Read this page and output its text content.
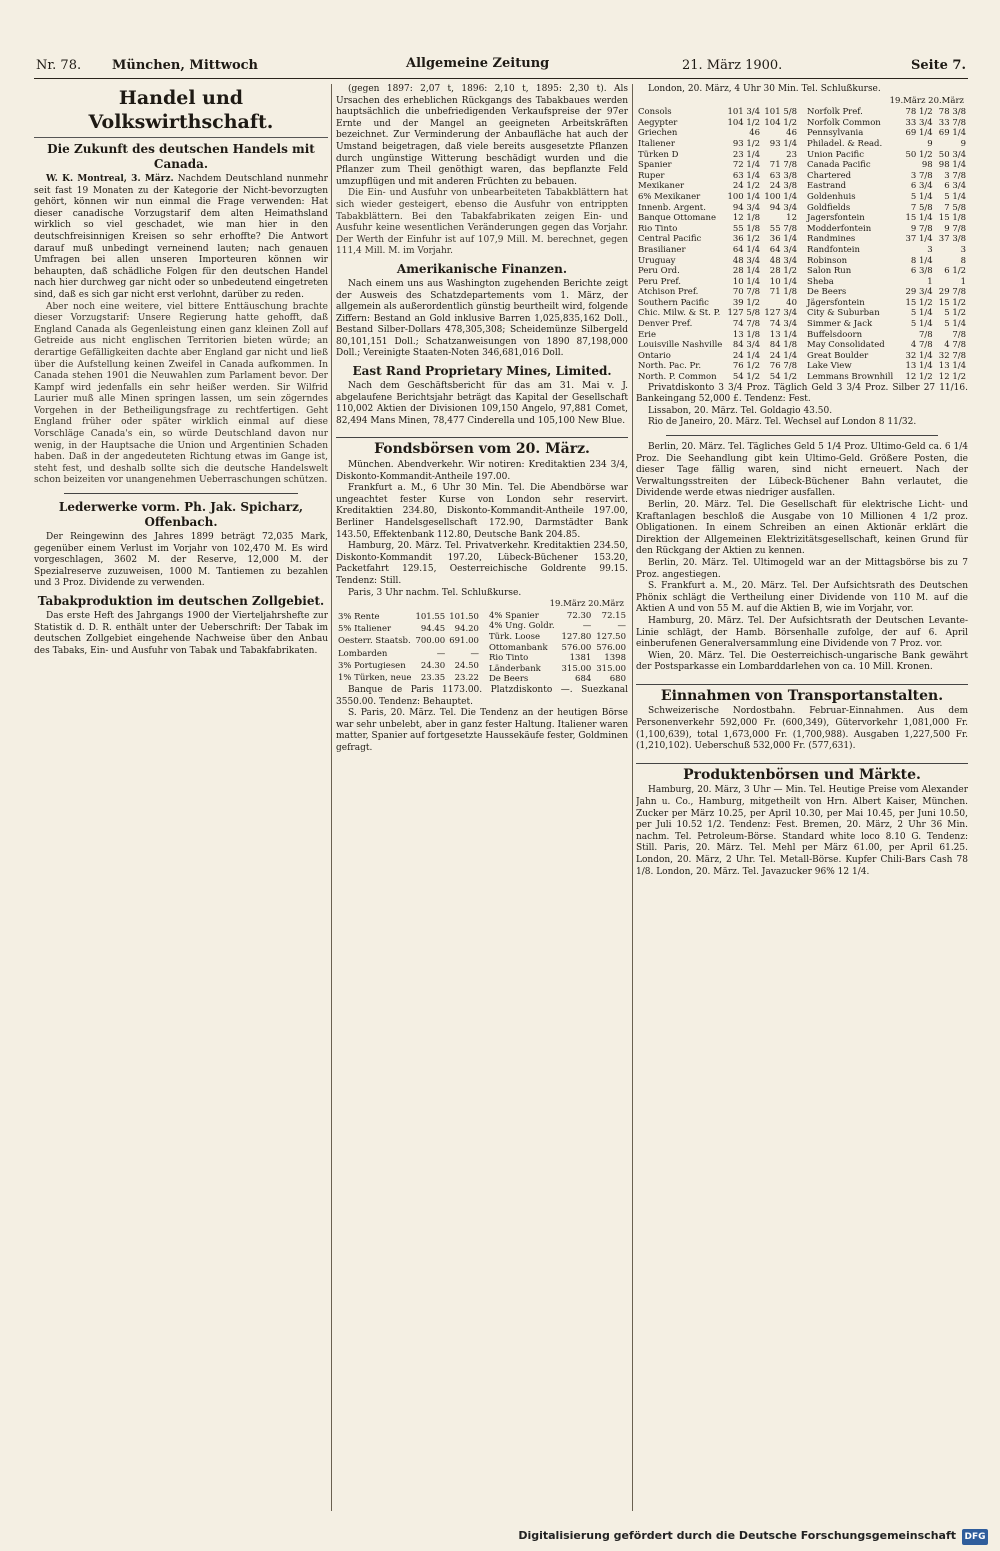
Nr. 78. München, Mittwoch	Allgemeine Zeitung	21. März 1900.	Seite 7.
Handel und Volkswirthschaft.
Die Zukunft des deutschen Handels mit Canada.

W. K. Montreal, 3. März. Nachdem Deutschland nunmehr seit fast 19 Monaten zu der Kategorie der Nicht-bevorzugten gehört, können wir nun einmal die Frage verwenden: Hat dieser canadische Vorzugstarif dem alten Heimathsland wirklich so viel geschadet, wie man hier in den deutschfreisinnigen Kreisen so sehr erhoffte? Die Antwort darauf muß unbedingt verneinend lauten; nach genauen Umfragen bei allen unseren Importeuren können wir behaupten, daß schädliche Folgen für den deutschen Handel nach hier durchweg gar nicht oder so unbedeutend eingetreten sind, daß es sich gar nicht erst verlohnt, darüber zu reden.

Aber noch eine weitere, viel bittere Enttäuschung brachte dieser Vorzugstarif: Unsere Regierung hatte gehofft, daß England Canada als Gegenleistung einen ganz kleinen Zoll auf Getreide aus nicht englischen Territorien bieten würde; an derartige Gefälligkeiten dachte aber England gar nicht und ließ über die Aufstellung keinen Zweifel in Canada aufkommen. In Canada stehen 1901 die Neuwahlen zum Parlament bevor. Der Kampf wird jedenfalls ein sehr heißer werden. Sir Wilfrid Laurier muß alle Minen springen lassen, um sein zögerndes Vorgehen in der Betheiligungsfrage zu rechtfertigen. Geht England früher oder später wirklich einmal auf diese Vorschläge Canada's ein, so würde Deutschland davon nur wenig, in der Hauptsache die Union und Argentinien Schaden haben. Daß in der angedeuteten Richtung etwas im Gange ist, steht fest, und deshalb sollte sich die deutsche Handelswelt schon beizeiten vor unangenehmen Ueberraschungen schützen.

Lederwerke vorm. Ph. Jak. Spicharz, Offenbach.

Der Reingewinn des Jahres 1899 beträgt 72,035 Mark, gegenüber einem Verlust im Vorjahr von 102,470 M. Es wird vorgeschlagen, 3602 M. der Reserve, 12,000 M. der Spezialreserve zuzuweisen, 1000 M. Tantiemen zu bezahlen und 3 Proz. Dividende zu verwenden.

Tabakproduktion im deutschen Zollgebiet.

Das erste Heft des Jahrgangs 1900 der Vierteljahrshefte zur Statistik d. D. R. enthält unter der Ueberschrift: Der Tabak im deutschen Zollgebiet eingehende Nachweise über den Anbau des Tabaks, Ein- und Ausfuhr von Tabak und Tabakfabrikaten.

(gegen 1897: 2,07 t, 1896: 2,10 t, 1895: 2,30 t). Als Ursachen des erheblichen Rückgangs des Tabakbaues werden hauptsächlich die unbefriedigenden Verkaufspreise der 97er Ernte und der Mangel an geeigneten Arbeitskräften bezeichnet. Zur Verminderung der Anbaufläche hat auch der Umstand beigetragen, daß viele bereits ausgesetzte Pflanzen durch ungünstige Witterung beschädigt wurden und die Pflanzer zum Theil genöthigt waren, das bepflanzte Feld umzupflügen und mit anderen Früchten zu bebauen.

Die Ein- und Ausfuhr von unbearbeiteten Tabakblättern hat sich wieder gesteigert, ebenso die Ausfuhr von entrippten Tabakblättern. Bei den Tabakfabrikaten zeigen Ein- und Ausfuhr keine wesentlichen Veränderungen gegen das Vorjahr. Der Werth der Einfuhr ist auf 107,9 Mill. M. berechnet, gegen 111,4 Mill. M. im Vorjahr.

Amerikanische Finanzen.

Nach einem uns aus Washington zugehenden Berichte zeigt der Ausweis des Schatzdepartements vom 1. März, der allgemein als außerordentlich günstig beurtheilt wird, folgende Ziffern: Bestand an Gold inklusive Barren 1,025,835,162 Doll., Bestand Silber-Dollars 478,305,308; Scheidemünze Silbergeld 80,101,151 Doll.; Schatzanweisungen von 1890 87,198,000 Doll.; Vereinigte Staaten-Noten 346,681,016 Doll.

East Rand Proprietary Mines, Limited.

Nach dem Geschäftsbericht für das am 31. Mai v. J. abgelaufene Berichtsjahr beträgt das Kapital der Gesellschaft 110,002 Aktien der Divisionen 109,150 Angelo, 97,881 Comet, 82,494 Mans Minen, 78,477 Cinderella und 105,100 New Blue.

Fondsbörsen vom 20. März.

München. Abendverkehr. Wir notiren: Kreditaktien 234 3/4, Diskonto-Kommandit-Antheile 197.00.

Frankfurt a. M., 6 Uhr 30 Min. Tel. Die Abendbörse war ungeachtet fester Kurse von London sehr reservirt. Kreditaktien 234.80, Diskonto-Kommandit-Antheile 197.00, Berliner Handelsgesellschaft 172.90, Darmstädter Bank 143.50, Effektenbank 112.80, Deutsche Bank 204.85.

Hamburg, 20. März. Tel. Privatverkehr. Kreditaktien 234.50, Diskonto-Kommandit 197.20, Lübeck-Büchener 153.20, Packetfahrt 129.15, Oesterreichische Goldrente 99.15. Tendenz: Still.

Paris, 3 Uhr nachm. Tel. Schlußkurse.

19.März 20.März
3% Rente	101.55	101.50
5% Italiener	94.45	94.20
Oesterr. Staatsb.	700.00	691.00
Lombarden	—	—
3% Portugiesen	24.30	24.50
1% Türken, neue	23.35	23.22
4% Spanier	72.30	72.15
4% Ung. Goldr.	—	—
Türk. Loose	127.80	127.50
Ottomanbank	576.00	576.00
Rio Tinto	1381	1398
Länderbank	315.00	315.00
De Beers	684	680

Banque de Paris 1173.00. Platzdiskonto —. Suezkanal 3550.00. Tendenz: Behauptet.

S. Paris, 20. März. Tel. Die Tendenz an der heutigen Börse war sehr unbelebt, aber in ganz fester Haltung. Italiener waren matter, Spanier auf fortgesetzte Haussekäufe fester, Goldminen gefragt.

London, 20. März, 4 Uhr 30 Min. Tel. Schlußkurse.

19.März 20.März
Consols	101 3/4	101 5/8
Aegypter	104 1/2	104 1/2
Griechen	46	46
Italiener	93 1/2	93 1/4
Türken D	23 1/4	23
Spanier	72 1/4	71 7/8
Ruper	63 1/4	63 3/8
Mexikaner	24 1/2	24 3/8
6% Mexikaner	100 1/4	100 1/4
Innenb. Argent.	94 3/4	94 3/4
Banque Ottomane	12 1/8	12
Rio Tinto	55 1/8	55 7/8
Central Pacific	36 1/2	36 1/4
Brasilianer	64 1/4	64 3/4
Uruguay	48 3/4	48 3/4
Peru Ord.	28 1/4	28 1/2
Peru Pref.	10 1/4	10 1/4
Atchison Pref.	70 7/8	71 1/8
Southern Pacific	39 1/2	40
Chic. Milw. & St. P.	127 5/8	127 3/4
Denver Pref.	74 7/8	74 3/4
Erie	13 1/8	13 1/4
Louisville Nashville	84 3/4	84 1/8
Ontario	24 1/4	24 1/4
North. Pac. Pr.	76 1/2	76 7/8
North. P. Common	54 1/2	54 1/2
Norfolk Pref.	78 1/2	78 3/8
Norfolk Common	33 3/4	33 7/8
Pennsylvania	69 1/4	69 1/4
Philadel. & Read.	9	9
Union Pacific	50 1/2	50 3/4
Canada Pacific	98	98 1/4
Chartered	3 7/8	3 7/8
Eastrand	6 3/4	6 3/4
Goldenhuis	5 1/4	5 1/4
Goldfields	7 5/8	7 5/8
Jagersfontein	15 1/4	15 1/8
Modderfontein	9 7/8	9 7/8
Randmines	37 1/4	37 3/8
Randfontein	3	3
Robinson	8 1/4	8
Salon Run	6 3/8	6 1/2
Sheba	1	1
De Beers	29 3/4	29 7/8
Jägersfontein	15 1/2	15 1/2
City & Suburban	5 1/4	5 1/2
Simmer & Jack	5 1/4	5 1/4
Buffelsdoorn	7/8	7/8
May Consolidated	4 7/8	4 7/8
Great Boulder	32 1/4	32 7/8
Lake View	13 1/4	13 1/4
Lemmans Brownhill	12 1/2	12 1/2

Privatdiskonto 3 3/4 Proz. Täglich Geld 3 3/4 Proz. Silber 27 11/16. Bankeingang 52,000 £. Tendenz: Fest.

Lissabon, 20. März. Tel. Goldagio 43.50.

Rio de Janeiro, 20. März. Tel. Wechsel auf London 8 11/32.

Berlin, 20. März. Tel. Tägliches Geld 5 1/4 Proz. Ultimo-Geld ca. 6 1/4 Proz. Die Seehandlung gibt kein Ultimo-Geld. Größere Posten, die dieser Tage fällig waren, sind nicht erneuert. Nach der Verwaltungsstreiten der Lübeck-Büchener Bahn verlautet, die Dividende werde etwas niedriger ausfallen.

Berlin, 20. März. Tel. Die Gesellschaft für elektrische Licht- und Kraftanlagen beschloß die Ausgabe von 10 Millionen 4 1/2 proz. Obligationen. In einem Schreiben an einen Aktionär erklärt die Direktion der Allgemeinen Elektrizitätsgesellschaft, keinen Grund für den Rückgang der Aktien zu kennen.

Berlin, 20. März. Tel. Ultimogeld war an der Mittagsbörse bis zu 7 Proz. angestiegen.

S. Frankfurt a. M., 20. März. Tel. Der Aufsichtsrath des Deutschen Phönix schlägt die Vertheilung einer Dividende von 110 M. auf die Aktien A und von 55 M. auf die Aktien B, wie im Vorjahr, vor.

Hamburg, 20. März. Tel. Der Aufsichtsrath der Deutschen Levante-Linie schlägt, der Hamb. Börsenhalle zufolge, der auf 6. April einberufenen Generalversammlung eine Dividende von 7 Proz. vor.

Wien, 20. März. Tel. Die Oesterreichisch-ungarische Bank gewährt der Postsparkasse ein Lombarddarlehen von ca. 10 Mill. Kronen.

Einnahmen von Transportanstalten.

Schweizerische Nordostbahn. Februar-Einnahmen. Aus dem Personenverkehr 592,000 Fr. (600,349), Gütervorkehr 1,081,000 Fr. (1,100,639), total 1,673,000 Fr. (1,700,988). Ausgaben 1,227,500 Fr. (1,210,102). Ueberschuß 532,000 Fr. (577,631).

Produktenbörsen und Märkte.

Hamburg, 20. März, 3 Uhr — Min. Tel. Heutige Preise vom Alexander Jahn u. Co., Hamburg, mitgetheilt von Hrn. Albert Kaiser, München. Zucker per März 10.25, per April 10.30, per Mai 10.45, per Juni 10.50, per Juli 10.52 1/2. Tendenz: Fest. Bremen, 20. März, 2 Uhr 36 Min. nachm. Tel. Petroleum-Börse. Standard white loco 8.10 G. Tendenz: Still. Paris, 20. März. Tel. Mehl per März 61.00, per April 61.25. London, 20. März, 2 Uhr. Tel. Metall-Börse. Kupfer Chili-Bars Cash 78 1/8. London, 20. März. Tel. Javazucker 96% 12 1/4.

Digitalisierung gefördert durch die Deutsche Forschungsgemeinschaft DFG
